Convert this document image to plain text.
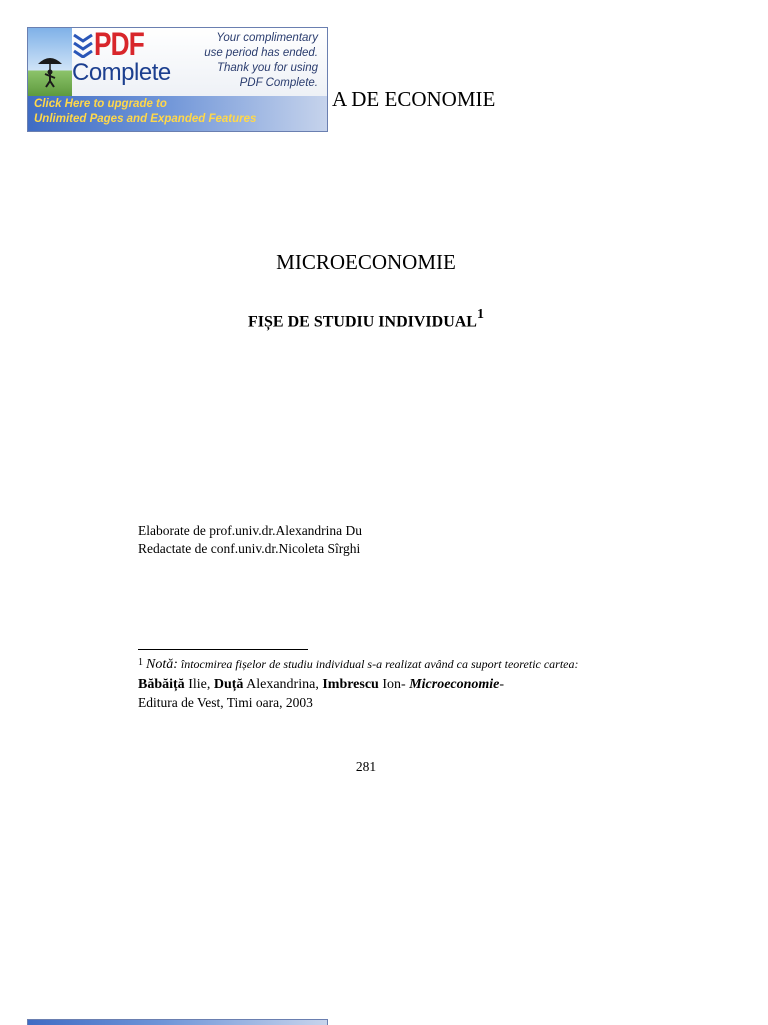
PDF
Complete
Your complimentary
use period has ended.
Thank you for using
PDF Complete.
Click Here to upgrade to
Unlimited Pages and Expanded Features
A DE ECONOMIE
MICROECONOMIE
FIȘE DE STUDIU INDIVIDUAL$^1$
Elaborate de prof.univ.dr.Alexandrina Du
Redactate de conf.univ.dr.Nicoleta Sîrghi
$^1$ Notă: întocmirea fișelor de studiu individual s-a realizat având ca suport teoretic cartea:
Băbăiță Ilie, Duță Alexandrina, Imbrescu Ion- Microeconomie-
Editura de Vest, Timi oara, 2003
281
